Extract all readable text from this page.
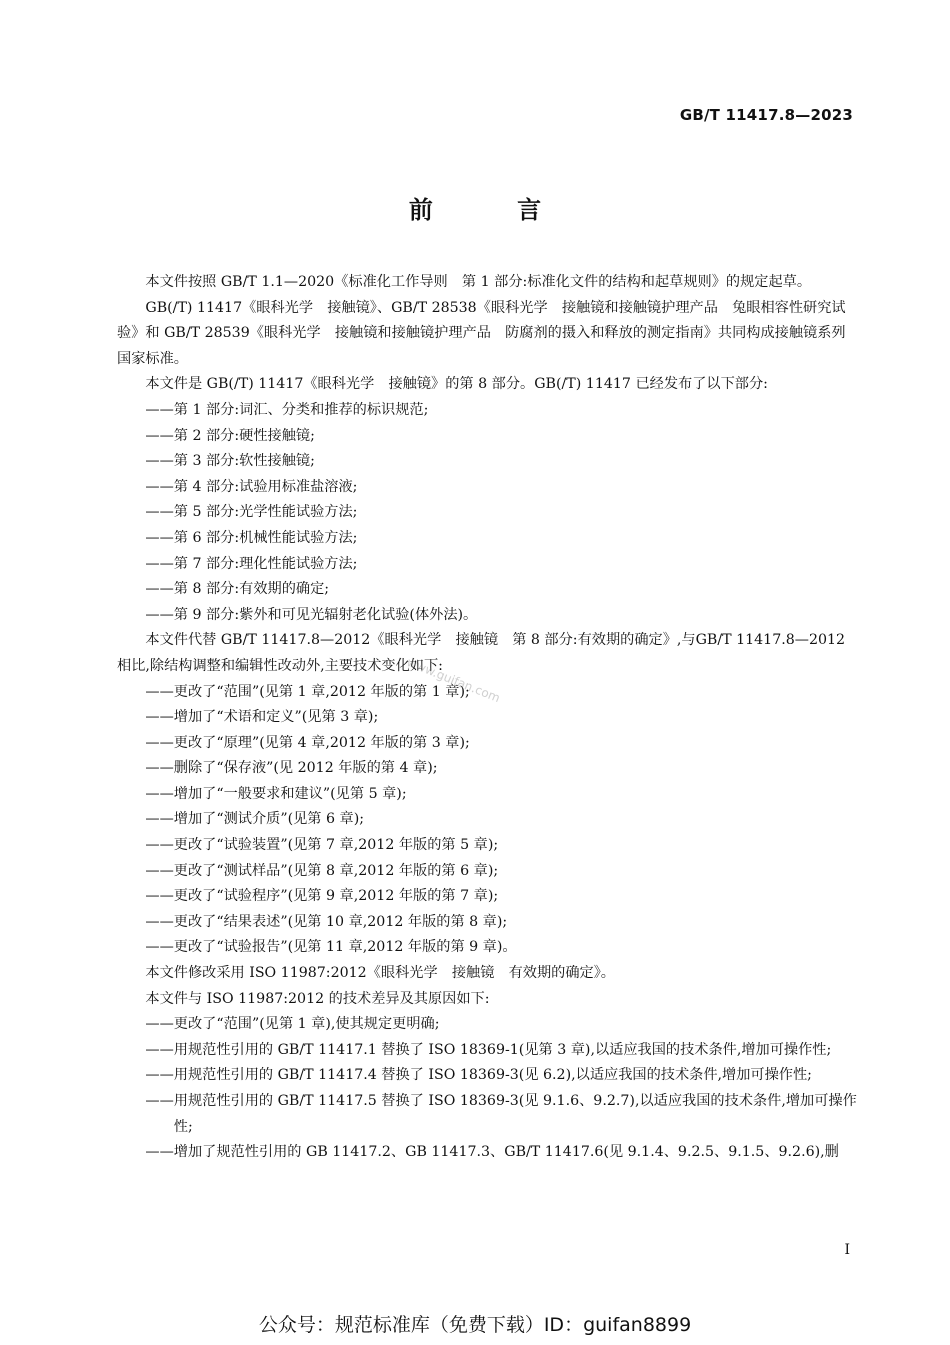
GB/T 11417.8—2023
前 言

本文件按照 GB/T 1.1—2020《标准化工作导则　第 1 部分:标准化文件的结构和起草规则》的规定起草。

GB(/T) 11417《眼科光学　接触镜》、GB/T 28538《眼科光学　接触镜和接触镜护理产品　兔眼相容性研究试验》和 GB/T 28539《眼科光学　接触镜和接触镜护理产品　防腐剂的摄入和释放的测定指南》共同构成接触镜系列国家标准。

本文件是 GB(/T) 11417《眼科光学　接触镜》的第 8 部分。GB(/T) 11417 已经发布了以下部分:

——第 1 部分:词汇、分类和推荐的标识规范;

——第 2 部分:硬性接触镜;

——第 3 部分:软性接触镜;

——第 4 部分:试验用标准盐溶液;

——第 5 部分:光学性能试验方法;

——第 6 部分:机械性能试验方法;

——第 7 部分:理化性能试验方法;

——第 8 部分:有效期的确定;

——第 9 部分:紫外和可见光辐射老化试验(体外法)。

本文件代替 GB/T 11417.8—2012《眼科光学　接触镜　第 8 部分:有效期的确定》,与GB/T 11417.8—2012 相比,除结构调整和编辑性改动外,主要技术变化如下:

——更改了“范围”(见第 1 章,2012 年版的第 1 章);

——增加了“术语和定义”(见第 3 章);

——更改了“原理”(见第 4 章,2012 年版的第 3 章);

——删除了“保存液”(见 2012 年版的第 4 章);

——增加了“一般要求和建议”(见第 5 章);

——增加了“测试介质”(见第 6 章);

——更改了“试验装置”(见第 7 章,2012 年版的第 5 章);

——更改了“测试样品”(见第 8 章,2012 年版的第 6 章);

——更改了“试验程序”(见第 9 章,2012 年版的第 7 章);

——更改了“结果表述”(见第 10 章,2012 年版的第 8 章);

——更改了“试验报告”(见第 11 章,2012 年版的第 9 章)。

本文件修改采用 ISO 11987:2012《眼科光学　接触镜　有效期的确定》。

本文件与 ISO 11987:2012 的技术差异及其原因如下:

——更改了“范围”(见第 1 章),使其规定更明确;

——用规范性引用的 GB/T 11417.1 替换了 ISO 18369-1(见第 3 章),以适应我国的技术条件,增加可操作性;

——用规范性引用的 GB/T 11417.4 替换了 ISO 18369-3(见 6.2),以适应我国的技术条件,增加可操作性;

——用规范性引用的 GB/T 11417.5 替换了 ISO 18369-3(见 9.1.6、9.2.7),以适应我国的技术条件,增加可操作性;

——增加了规范性引用的 GB 11417.2、GB 11417.3、GB/T 11417.6(见 9.1.4、9.2.5、9.1.5、9.2.6),删

www.guifan.com
I
公众号：规范标准库（免费下载）ID：guifan8899
